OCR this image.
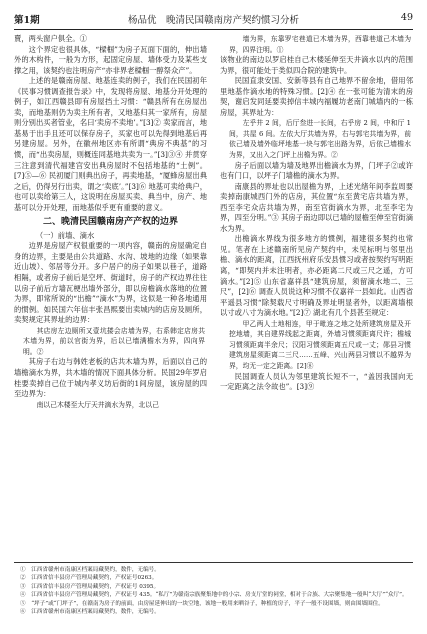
第1期	杨品优　晚清民国赣南房产契约惯习分析	49

賣，两头窗户俱全。①

这个界定也很具体，“樑椢”为房子瓦面下面的，伸出墙外的木构件，一般为方形，起固定房屋、墙体受力及某些支撑之用，该契约也注明房产“亦非界老樑椢一醇祭众产”。

上述的是赣南房屋、地基连卖的例子，我们在民国初年《民事习惯调查报告录》中，发现将房屋、地基分开处理的例子，如江西赣县即有房屋挡土习惯：“赣县所有在房屋出卖，而地基则仍为卖主所有者，又地基归其一家所有，房屋则分别出买者管业，名曰‘卖房不卖地’。”[3]② 卖家而言，地基易于出手且还可以保存房子，买家也可以先得到地基后再另建房屋。另外，在徽州地区亦有所谓“典房不典基”的习惯，而“出卖房屋，则概连同基地共卖为一。”[3]③④ 并贯穿三注意到清代福建宫安出典房屋时不包括地基的“土例”。[7]⑤—⑥ 民初厦门则典出房子，再卖地基，“厦蜂房屋出典之后，仍得另行出卖，谓之‘卖底’。”[3]⑥ 地基可卖给典户，也可以卖给第三人，这说明在房屋买卖、典当中，房产、地基可以分开处理，而地基似乎更有重要的意义。

二、晚清民国赣南房产产权的边界

（一）前墙、滴水

边界是房屋产权很重要的一项内容，赣南的房屋确定自身的边界，主要是由公共道路、水沟、坡地的边缘（如果靠近山坡）、邻居等分开。多户居户的房子如果以巷子，道路相隔，或者房子前后是空坪、街道时，房子的产权边界往往以房子前后方墙瓦梗出墙外部分，即以房檐滴水落地的位置为界，即常所说的“出檐”“滴水”为界，这似是一种各地通用的惯例。如民国六年信丰张昌熙要出卖城内的店房及厕所，卖契规定其界址的边界：

其店房左边厕所又壹坑搂会店墙为界，右系韩定店房共木墙为界，前以官街为界，后以已墙满檐水为界，四向界明。②

其房子右边与韩姓老板的店共木墙为界，后面以自己的墙檐滴水为界，共木墙的情况下面具体分析。民国29年罗启桂要卖掉自己位于城内孝义坊后街的1间房屋，该房屋的四至边界为：

南以己木楼至大厅天井滴水为界，北以己

墙为界，东靠罗宅巷道已木墙为界，西靠巷道己木墙为界，四界注明。①

该物业的南边以罗启桂自己木楼延伸至天井滴水以内的范围为界，很可能处于类似四合院的建筑中。

民国直隶安国、安新等县有自己地界不留余地，借用邻里地基作滴水地的特殊习惯。[2]④ 在一张可能为清末的房契，谢启发同延要卖掉信丰城内福履坊老南门城墙内的一栋房屋，其界址为：

左乎井 2 间，后厅叁进一长间，右乎房 2 间，中和厅 1 间，共屋 6 间。左依大厅共墙为界，右与郭宅共墙为界，前依己墙及墙外临坪地基一块与郭宅出路为界，后依己墙檐水为界，又出入之门坪上出檐为界。②

房子后面以墙为墙及地界出檐滴水为界，门坪子②或许也有门口，以坪子门墙檐的滴水为界。

南康县的界址也以出屋檐为界，上述光绪年间李监周要卖掉南康城西门外的店房，其位置“东至黄宅店共墙为界，西至李宅众店共墙为界，南至官街滴水为界，北至李宅为界，四至分明。”③ 其房子南边即以已墙的屋檐至伸至官街滴水为界。

出檐滴水界线为很多地方的惯例，福建很多契约也常见。笔者在上述赣南所见房产契约中，未见标明与邻里出檐、滴水的距离，江西抚州府乐安县惯习或者按契约写明距离，“即契内并未注明者，亦必距离二尺或三尺之遥，方可滴水。”[2]⑤ 山东省嘉祥县“建筑房屋，须留滴水地二、三尺”，[2]⑥ 调查人员说这种习惯不仅嘉祥一县如此。山西省平遥县习惯“除契载尺寸明确及界址明显者外，以距离墙根以寸或八寸为滴水地。”[2]⑦ 湖北有几个县甚至规定：

甲乙两人土地相连，甲于毗连之地之处所建筑房屋及开挖地墙，其自建界线起之距离，外墙习惯须距离尺许；檐城习惯须距离半余尺；汉阳习惯须距离五尺或一丈；郧县习惯建筑房屋须距离二三尺……五峰、兴山两县习惯以不越界为界，均无一定之距离。[2]⑧

民国调查人员认为邻里建筑长短不一，“盖因我国向无一定距离之法令故也”。[3]⑨

①　江西省赣州市南康区档案局藏契约，数件，无编号。

②　江西省信丰县房产管理局藏契约，产权证号0263。

③　江西省信丰县房产管理局藏契约，产权证号 0395。

④　江西省信丰县房产管理局藏契约，产权证号 435。“私厅”为赣南宗族聚集地中的小宗、房支厅堂的祠堂，相对于合族、大宗聚集地一般叫“大厅”“众厅”。

⑤　“坪子”或“门坪子”，在赣南为房子的前面，由房屋延伸出的一块空地，该地一般用来晒谷子，种植的房子，平子一般不设围墙，则由围墙围住。

⑥　江西省赣州市南康区档案局藏契约，数件，无编号。
